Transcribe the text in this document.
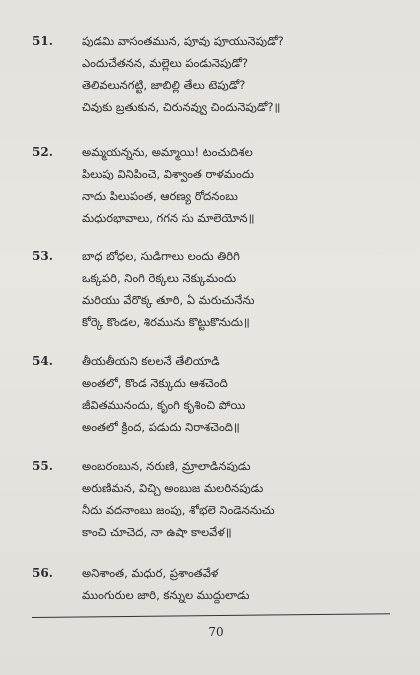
51.	పుడమి వాసంతమున, పూవు పూయునెపుడో?
ఎందుచేతనన, మల్లెలు పండునెపుడో?
తెలివలునగట్టి, జాబిల్లి తేలు టెపుడో?
చివుకు బ్రతుకున, చిరునవ్వు చిందునెపుడో?॥
52.	అమ్మయన్నను, అమ్మాయి! టంచుదిశల
పిలుపు వినిపించె, విశ్వాంత రాళమందు
నాదు పిలుపంత, ఆరణ్య రోదనంబు
మధురభావాలు, గగన సు మాలెయోన॥
53.	బాధ బోధల, సుడిగాలు లందు తిరిగి
ఒక్కపరి, నింగి రెక్కలు నెక్కుమందు
మరియు వేరొక్క తూరి, ఏ మరుచునేను
కోర్కె కొండల, శిరమును కొట్టుకొనుదు॥
54.	తీయతీయని కలలనే తేలియాడి
అంతలో, కొండ నెక్కుదు ఆశచెంది
జీవితమునందు, కృంగి కృశించి పోయి
అంతలో క్రింద, పడుదు నిరాశచెంది॥
55.	అంబరంబున, నరుణి, మ్రాలాడినపుడు
అరుణిమన, విచ్చి అంబుజ మలరినపుడు
నీదు వదనాంబు జంపు, శోభలె నిండెననుచు
కాంచి చూచెద, నా ఉషా కాలవేళ॥
56.	అనిశాంత, మధుర, ప్రశాంతవేళ
ముంగురుల జారి, కన్నుల ముద్దులాడు
70
